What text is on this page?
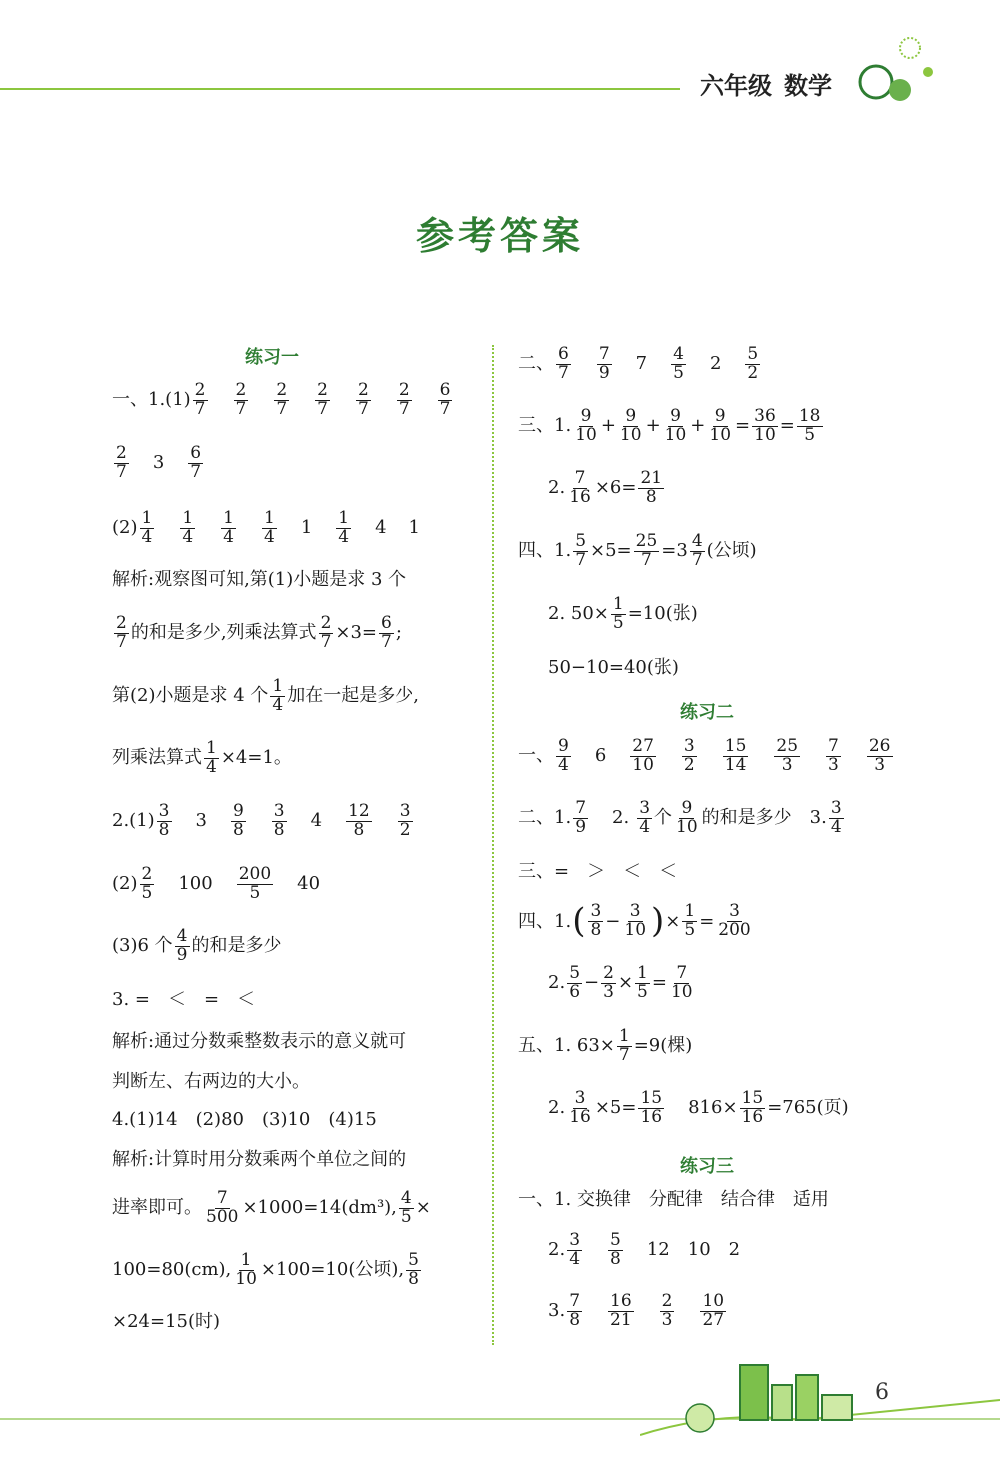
六年级 数学
参考答案
练习一
一、$1.(1) \frac{2}{7} \frac{2}{7} \frac{2}{7} \frac{2}{7} \frac{2}{7} \frac{2}{7} \frac{6}{7}$
$\frac{2}{7} 3 \frac{6}{7}$
$(2) \frac{1}{4} \frac{1}{4} \frac{1}{4} \frac{1}{4} 1 \frac{1}{4} 4$ 1
解析:观察图可知,第(1)小题是求 3 个
$\frac{2}{7}$ 的和是多少,列乘法算式 $\frac{2}{7} \times 3= \frac{6}{7}$ ;
第(2)小题是求 4 个 $\frac{1}{4}$ 加在一起是多少,
列乘法算式 $\frac{1}{4} \times 4=1$。
$2.(1) \frac{3}{8} 3 \frac{9}{8} \frac{3}{8} 4 \frac{12}{8} \frac{3}{2}$
$(2) \frac{2}{5} 100 \frac{200}{5} 40$
(3)6 个 $\frac{4}{9}$ 的和是多少
3. =　＜　=　＜
解析:通过分数乘整数表示的意义就可
判断左、右两边的大小。
4.(1)14　(2)80　(3)10　(4)15
解析:计算时用分数乘两个单位之间的
进率即可。 $\frac{7}{500} \times 1000=14(dm^3)$, $\frac{4}{5}$ ×
100=80(cm), $\frac{1}{10} \times 100=10$(公顷), $\frac{5}{8}$
×24=15(时)
二、 $\frac{6}{7} \frac{7}{9} 7 \frac{4}{5} 2 \frac{5}{2}$
三、1. $\frac{9}{10} + \frac{9}{10} + \frac{9}{10} + \frac{9}{10} = \frac{36}{10} = \frac{18}{5}$
2. $\frac{7}{16} \times 6= \frac{21}{8}$
四、1. $\frac{5}{7} \times 5= \frac{25}{7} =3 \frac{4}{7}$ (公顷)
2. $50\times \frac{1}{5} =10$(张)
50−10=40(张)
练习二
一、 $\frac{9}{4} 6 \frac{27}{10} \frac{3}{2} \frac{15}{14} \frac{25}{3} \frac{7}{3} \frac{26}{3}$
二、1. $\frac{7}{9} 2$. $\frac{3}{4}$ 个 $\frac{9}{10}$ 的和是多少　3. $\frac{3}{4}$
三、=　＞　＜　＜
四、1. ( $\frac{3}{8} - \frac{3}{10}$ ) × $\frac{1}{5} = \frac{3}{200}$
2. $\frac{5}{6} - \frac{2}{3} \times \frac{1}{5} = \frac{7}{10}$
五、1. $63\times \frac{1}{7} =9$(棵)
2. $\frac{3}{16} \times 5= \frac{15}{16} 816\times \frac{15}{16} =765$(页)
练习三
一、1. 交换律　分配律　结合律　适用
2. $\frac{3}{4} \frac{5}{8} 12$　10　2
3. $\frac{7}{8} \frac{16}{21} \frac{2}{3} \frac{10}{27}$
6
